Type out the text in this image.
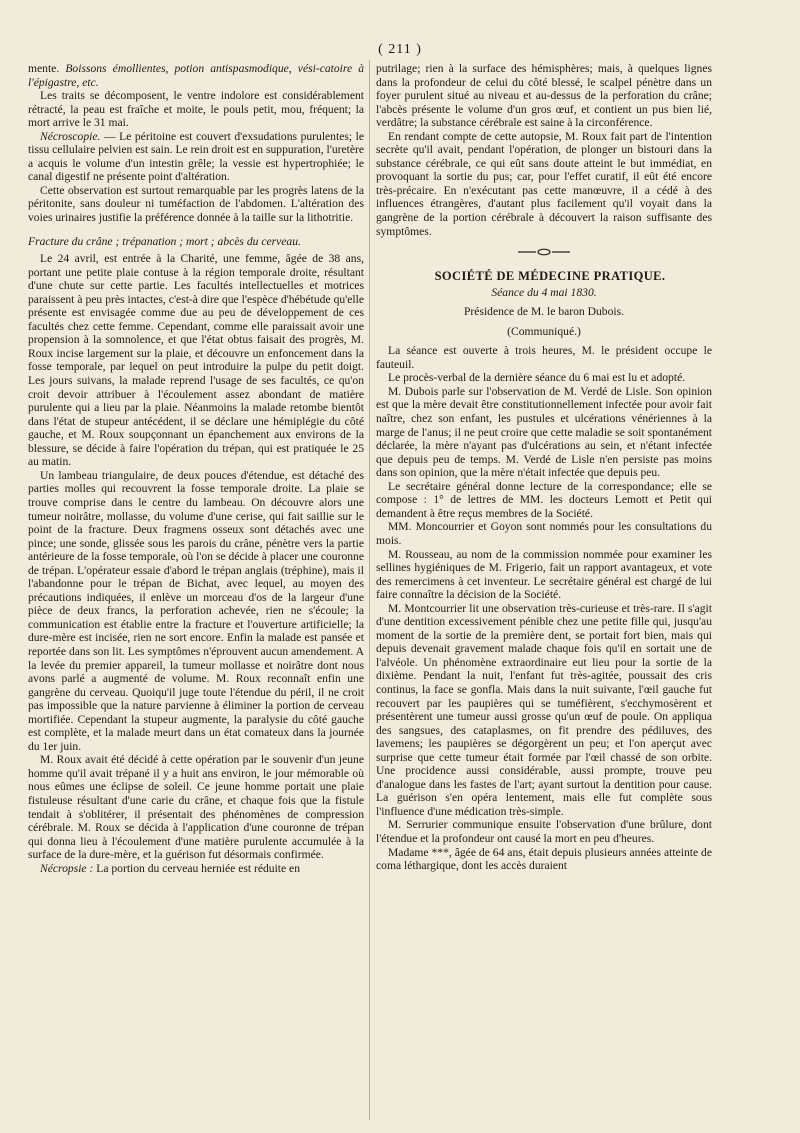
( 211 )

mente. Boissons émollientes, potion antispasmodique, vési-catoire à l'épigastre, etc.

Les traits se décomposent, le ventre indolore est considérablement rétracté, la peau est fraîche et moite, le pouls petit, mou, fréquent; la mort arrive le 31 mai.

Nécroscopie. — Le péritoine est couvert d'exsudations purulentes; le tissu cellulaire pelvien est sain. Le rein droit est en suppuration, l'uretère a acquis le volume d'un intestin grêle; la vessie est hypertrophiée; le canal digestif ne présente point d'altération.

Cette observation est surtout remarquable par les progrès latens de la péritonite, sans douleur ni tuméfaction de l'abdomen. L'altération des voies urinaires justifie la préférence donnée à la taille sur la lithotritie.

Fracture du crâne ; trépanation ; mort ; abcès du cerveau.

Le 24 avril, est entrée à la Charité, une femme, âgée de 38 ans, portant une petite plaie contuse à la région temporale droite, résultant d'une chute sur cette partie. Les facultés intellectuelles et motrices paraissent à peu près intactes, c'est-à dire que l'espèce d'hébétude qu'elle présente est envisagée comme due au peu de développement de ces facultés chez cette femme. Cependant, comme elle paraissait avoir une propension à la somnolence, et que l'état obtus faisait des progrès, M. Roux incise largement sur la plaie, et découvre un enfoncement dans la fosse temporale, par lequel on peut introduire la pulpe du petit doigt. Les jours suivans, la malade reprend l'usage de ses facultés, ce qu'on croit devoir attribuer à l'écoulement assez abondant de matière purulente qui a lieu par la plaie. Néanmoins la malade retombe bientôt dans l'état de stupeur antécédent, il se déclare une hémiplégie du côté gauche, et M. Roux soupçonnant un épanchement aux environs de la blessure, se décide à faire l'opération du trépan, qui est pratiquée le 25 au matin.

Un lambeau triangulaire, de deux pouces d'étendue, est détaché des parties molles qui recouvrent la fosse temporale droite. La plaie se trouve comprise dans le centre du lambeau. On découvre alors une tumeur noirâtre, mollasse, du volume d'une cerise, qui fait saillie sur le point de la fracture. Deux fragmens osseux sont détachés avec une pince; une sonde, glissée sous les parois du crâne, pénètre vers la partie antérieure de la fosse temporale, où l'on se décide à placer une couronne de trépan. L'opérateur essaie d'abord le trépan anglais (tréphine), mais il l'abandonne pour le trépan de Bichat, avec lequel, au moyen des précautions indiquées, il enlève un morceau d'os de la largeur d'une pièce de deux francs, la perforation achevée, rien ne s'écoule; la communication est établie entre la fracture et l'ouverture artificielle; la dure-mère est incisée, rien ne sort encore. Enfin la malade est pansée et reportée dans son lit. Les symptômes n'éprouvent aucun amendement. A la levée du premier appareil, la tumeur mollasse et noirâtre dont nous avons parlé a augmenté de volume. M. Roux reconnaît enfin une gangrène du cerveau. Quoiqu'il juge toute l'étendue du péril, il ne croit pas impossible que la nature parvienne à éliminer la portion de cerveau mortifiée. Cependant la stupeur augmente, la paralysie du côté gauche est complète, et la malade meurt dans un état comateux dans la journée du 1er juin.

M. Roux avait été décidé à cette opération par le souvenir d'un jeune homme qu'il avait trépané il y a huit ans environ, le jour mémorable où nous eûmes une éclipse de soleil. Ce jeune homme portait une plaie fistuleuse résultant d'une carie du crâne, et chaque fois que la fistule tendait à s'oblitérer, il présentait des phénomènes de compression cérébrale. M. Roux se décida à l'application d'une couronne de trépan qui donna lieu à l'écoulement d'une matière purulente accumulée à la surface de la dure-mère, et la guérison fut désormais confirmée.

Nécropsie : La portion du cerveau herniée est réduite en

putrilage; rien à la surface des hémisphères; mais, à quelques lignes dans la profondeur de celui du côté blessé, le scalpel pénètre dans un foyer purulent situé au niveau et au-dessus de la perforation du crâne; l'abcès présente le volume d'un gros œuf, et contient un pus bien lié, verdâtre; la substance cérébrale est saine à la circonférence.

En rendant compte de cette autopsie, M. Roux fait part de l'intention secrète qu'il avait, pendant l'opération, de plonger un bistouri dans la substance cérébrale, ce qui eût sans doute atteint le but immédiat, en provoquant la sortie du pus; car, pour l'effet curatif, il eût été encore très-précaire. En n'exécutant pas cette manœuvre, il a cédé à des influences étrangères, d'autant plus facilement qu'il voyait dans la gangrène de la portion cérébrale à découvert la raison suffisante des symptômes.

SOCIÉTÉ DE MÉDECINE PRATIQUE.

Séance du 4 mai 1830.

Présidence de M. le baron Dubois.

(Communiqué.)

La séance est ouverte à trois heures, M. le président occupe le fauteuil.

Le procès-verbal de la dernière séance du 6 mai est lu et adopté.

M. Dubois parle sur l'observation de M. Verdé de Lisle. Son opinion est que la mère devait être constitutionnellement infectée pour avoir fait naître, chez son enfant, les pustules et ulcérations vénériennes à la marge de l'anus; il ne peut croire que cette maladie se soit spontanément déclarée, la mère n'ayant pas d'ulcérations au sein, et n'étant infectée que depuis peu de temps. M. Verdé de Lisle n'en persiste pas moins dans son opinion, que la mère n'était infectée que depuis peu.

Le secrétaire général donne lecture de la correspondance; elle se compose : 1° de lettres de MM. les docteurs Lemott et Petit qui demandent à être reçus membres de la Société.

MM. Moncourrier et Goyon sont nommés pour les consultations du mois.

M. Rousseau, au nom de la commission nommée pour examiner les sellines hygiéniques de M. Frigerio, fait un rapport avantageux, et vote des remercimens à cet inventeur. Le secrétaire général est chargé de lui faire connaître la décision de la Société.

M. Montcourrier lit une observation très-curieuse et très-rare. Il s'agit d'une dentition excessivement pénible chez une petite fille qui, jusqu'au moment de la sortie de la première dent, se portait fort bien, mais qui depuis devenait gravement malade chaque fois qu'il en sortait une de l'alvéole. Un phénomène extraordinaire eut lieu pour la sortie de la dixième. Pendant la nuit, l'enfant fut très-agitée, poussait des cris continus, la face se gonfla. Mais dans la nuit suivante, l'œil gauche fut recouvert par les paupières qui se tuméfièrent, s'ecchymosèrent et présentèrent une tumeur aussi grosse qu'un œuf de poule. On appliqua des sangsues, des cataplasmes, on fit prendre des pédiluves, des lavemens; les paupières se dégorgèrent un peu; et l'on aperçut avec surprise que cette tumeur était formée par l'œil chassé de son orbite. Une procidence aussi considérable, aussi prompte, trouve peu d'analogue dans les fastes de l'art; ayant surtout la dentition pour cause. La guérison s'en opéra lentement, mais elle fut complète sous l'influence d'une médication très-simple.

M. Serrurier communique ensuite l'observation d'une brûlure, dont l'étendue et la profondeur ont causé la mort en peu d'heures.

Madame ***, âgée de 64 ans, était depuis plusieurs années atteinte de coma léthargique, dont les accès duraient
